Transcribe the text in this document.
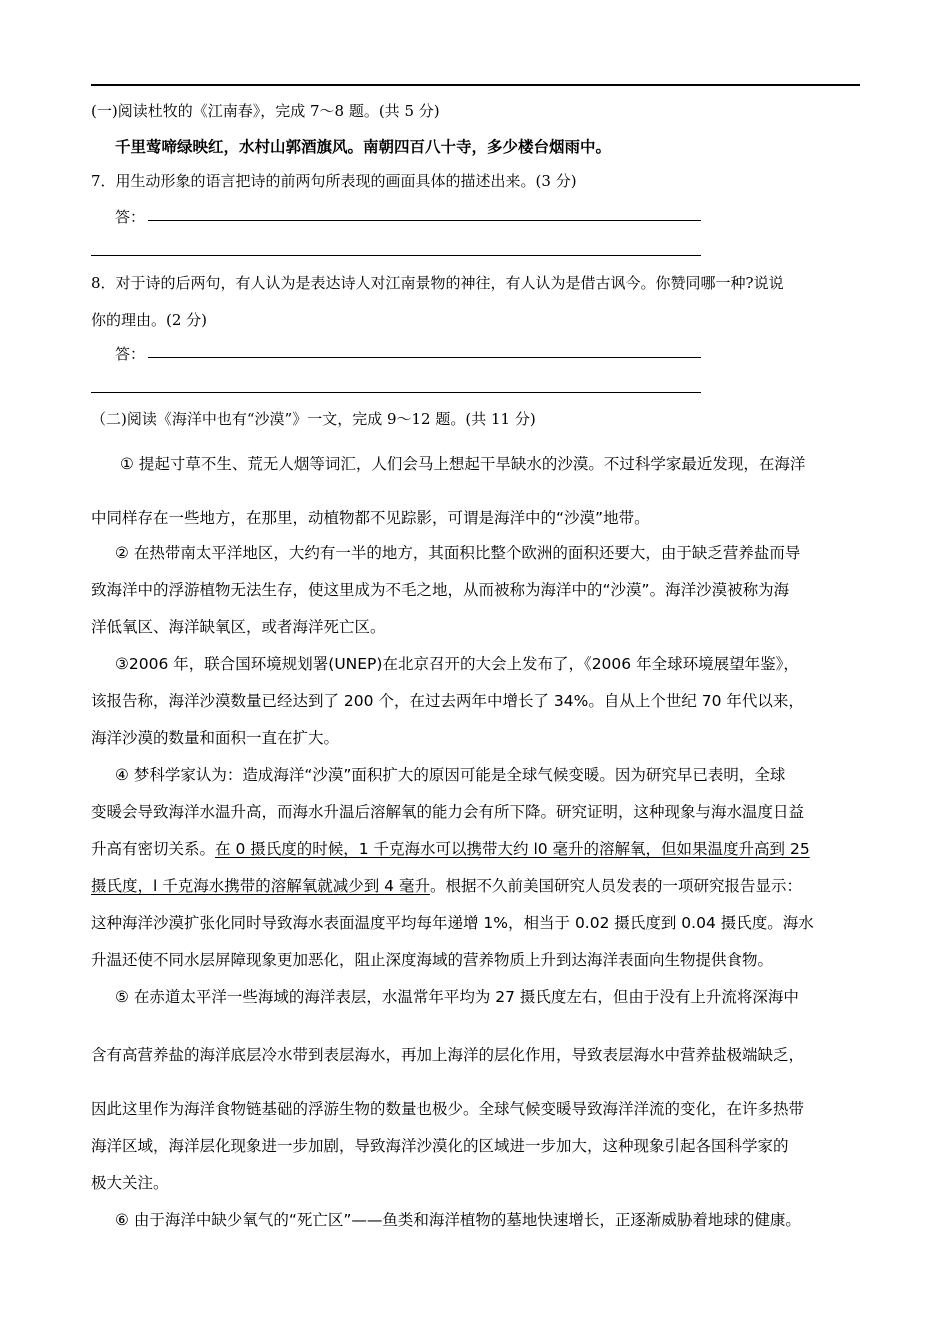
(一)阅读杜牧的《江南春》，完成 7～8 题。(共 5 分)
千里莺啼绿映红，水村山郭酒旗风。南朝四百八十寺，多少楼台烟雨中。
7．用生动形象的语言把诗的前两句所表现的画面具体的描述出来。(3 分)
答：
8．对于诗的后两句，有人认为是表达诗人对江南景物的神往，有人认为是借古讽今。你赞同哪一种?说说
你的理由。(2 分)
答：
（二)阅读《海洋中也有“沙漠”》一文，完成 9～12 题。(共 11 分)
① 提起寸草不生、荒无人烟等词汇，人们会马上想起干旱缺水的沙漠。不过科学家最近发现，在海洋
中同样存在一些地方，在那里，动植物都不见踪影，可谓是海洋中的“沙漠”地带。
② 在热带南太平洋地区，大约有一半的地方，其面积比整个欧洲的面积还要大，由于缺乏营养盐而导
致海洋中的浮游植物无法生存，使这里成为不毛之地，从而被称为海洋中的“沙漠”。海洋沙漠被称为海
洋低氧区、海洋缺氧区，或者海洋死亡区。
③2006 年，联合国环境规划署(UNEP)在北京召开的大会上发布了，《2006 年全球环境展望年鉴》，
该报告称，海洋沙漠数量已经达到了 200 个，在过去两年中增长了 34%。自从上个世纪 70 年代以来，
海洋沙漠的数量和面积一直在扩大。
④ 梦科学家认为：造成海洋“沙漠”面积扩大的原因可能是全球气候变暖。因为研究早已表明，全球
变暖会导致海洋水温升高，而海水升温后溶解氧的能力会有所下降。研究证明，这种现象与海水温度日益
升高有密切关系。在 0 摄氏度的时候，1 千克海水可以携带大约 l0 毫升的溶解氧，但如果温度升高到 25
摄氏度，l 千克海水携带的溶解氧就减少到 4 毫升。根据不久前美国研究人员发表的一项研究报告显示：
这种海洋沙漠扩张化同时导致海水表面温度平均每年递增 1%，相当于 0.02 摄氏度到 0.04 摄氏度。海水
升温还使不同水层屏障现象更加恶化，阻止深度海域的营养物质上升到达海洋表面向生物提供食物。
⑤ 在赤道太平洋一些海域的海洋表层，水温常年平均为 27 摄氏度左右，但由于没有上升流将深海中
含有高营养盐的海洋底层冷水带到表层海水，再加上海洋的层化作用，导致表层海水中营养盐极端缺乏，
因此这里作为海洋食物链基础的浮游生物的数量也极少。全球气候变暖导致海洋洋流的变化，在许多热带
海洋区域，海洋层化现象进一步加剧，导致海洋沙漠化的区域进一步加大，这种现象引起各国科学家的
极大关注。
⑥ 由于海洋中缺少氧气的“死亡区”——鱼类和海洋植物的墓地快速增长，正逐渐威胁着地球的健康。
